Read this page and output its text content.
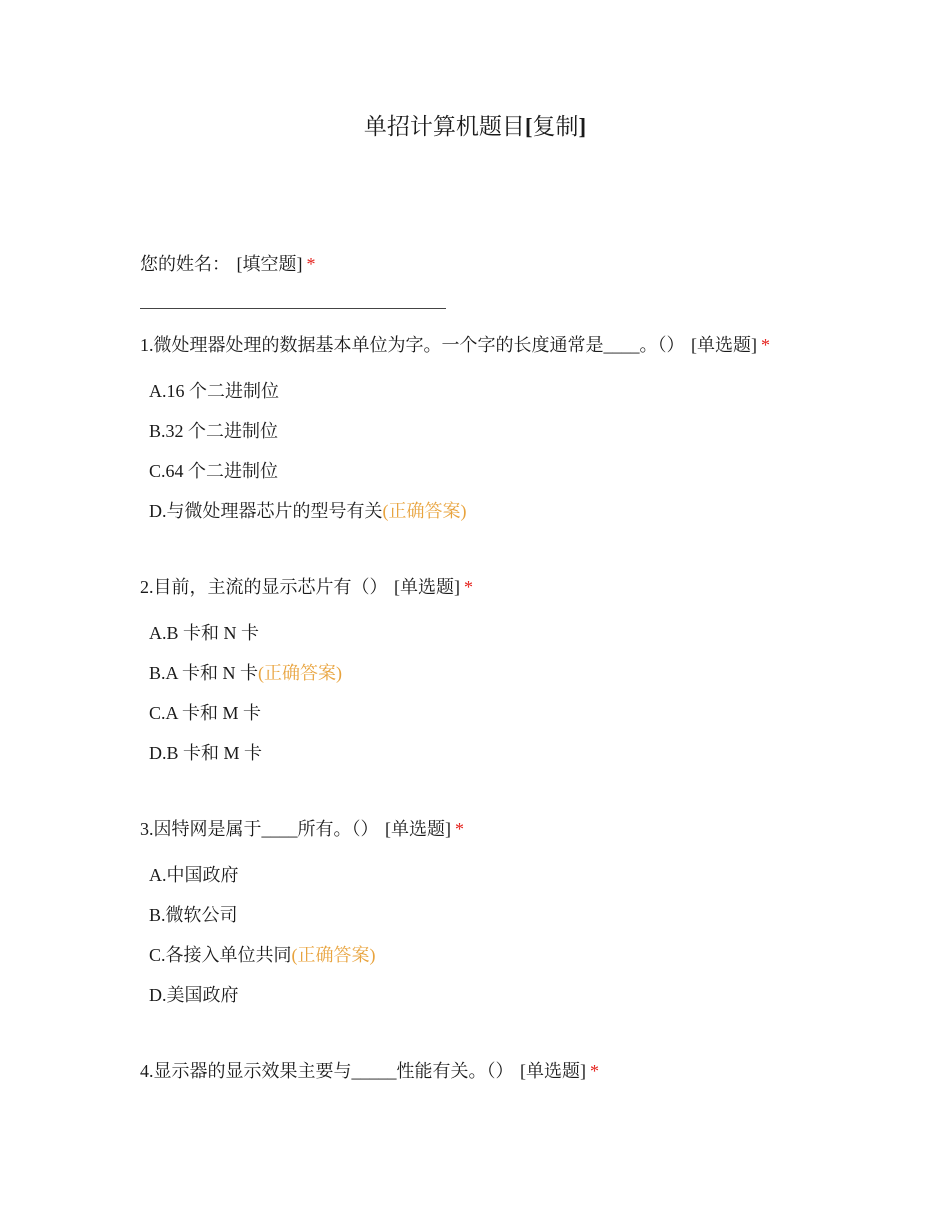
单招计算机题目[复制]
您的姓名： [填空题] *
1.微处理器处理的数据基本单位为字。一个字的长度通常是____。（） [单选题] *
A.16 个二进制位
B.32 个二进制位
C.64 个二进制位
D.与微处理器芯片的型号有关(正确答案)
2.目前，主流的显示芯片有（） [单选题] *
A.B 卡和 N 卡
B.A 卡和 N 卡(正确答案)
C.A 卡和 M 卡
D.B 卡和 M 卡
3.因特网是属于____所有。（） [单选题] *
A.中国政府
B.微软公司
C.各接入单位共同(正确答案)
D.美国政府
4.显示器的显示效果主要与_____性能有关。（） [单选题] *
